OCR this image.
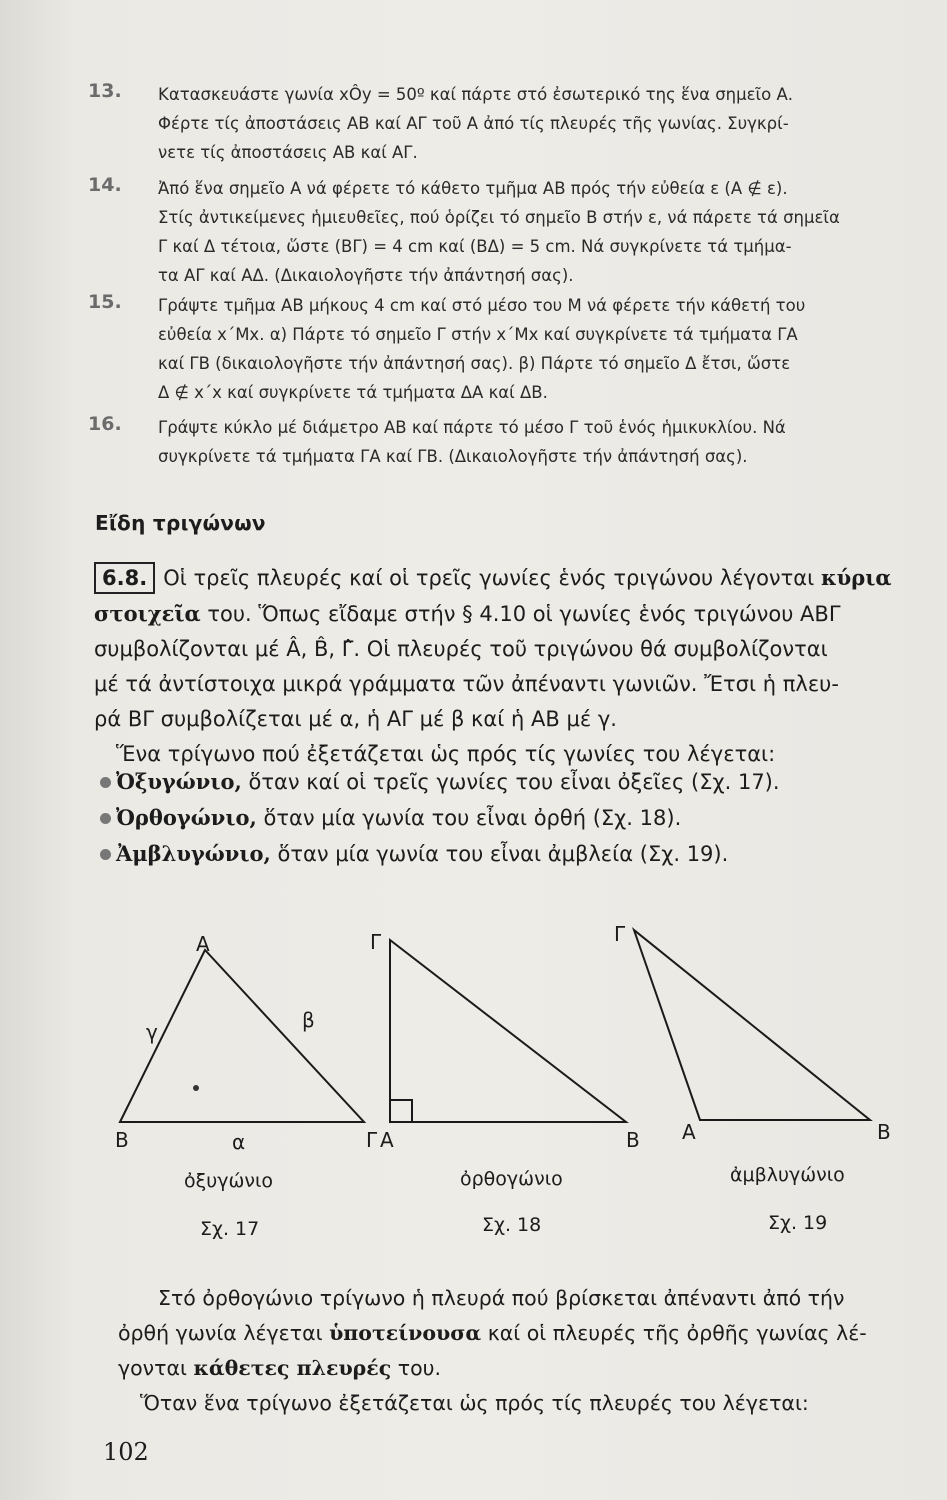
13. Κατασκευάστε γωνία xÔy = 50º καί πάρτε στό ἐσωτερικό της ἕνα σημεῖο Α.
Φέρτε τίς ἀποστάσεις ΑΒ καί ΑΓ τοῦ Α ἀπό τίς πλευρές τῆς γωνίας. Συγκρί-
νετε τίς ἀποστάσεις ΑΒ καί ΑΓ.
14. Ἀπό ἕνα σημεῖο Α νά φέρετε τό κάθετο τμῆμα ΑΒ πρός τήν εὐθεία ε (Α ∉ ε).
Στίς ἀντικείμενες ἡμιευθεῖες, πού ὁρίζει τό σημεῖο Β στήν ε, νά πάρετε τά σημεῖα
Γ καί Δ τέτοια, ὥστε (ΒΓ) = 4 cm καί (ΒΔ) = 5 cm. Νά συγκρίνετε τά τμήμα-
τα ΑΓ καί ΑΔ. (Δικαιολογῆστε τήν ἀπάντησή σας).
15. Γράψτε τμῆμα ΑΒ μήκους 4 cm καί στό μέσο του Μ νά φέρετε τήν κάθετή του
εὐθεία x΄Mx. α) Πάρτε τό σημεῖο Γ στήν x΄Mx καί συγκρίνετε τά τμήματα ΓΑ
καί ΓΒ (δικαιολογῆστε τήν ἀπάντησή σας). β) Πάρτε τό σημεῖο Δ ἔτσι, ὥστε
Δ ∉ x΄x καί συγκρίνετε τά τμήματα ΔΑ καί ΔΒ.
16. Γράψτε κύκλο μέ διάμετρο ΑΒ καί πάρτε τό μέσο Γ τοῦ ἑνός ἡμικυκλίου. Νά
συγκρίνετε τά τμήματα ΓΑ καί ΓΒ. (Δικαιολογῆστε τήν ἀπάντησή σας).
Εἴδη τριγώνων
6.8. Οἱ τρεῖς πλευρές καί οἱ τρεῖς γωνίες ἑνός τριγώνου λέγονται κύρια
στοιχεῖα του. Ὅπως εἴδαμε στήν § 4.10 οἱ γωνίες ἑνός τριγώνου ΑΒΓ
συμβολίζονται μέ Â, B̂, Γ̂. Οἱ πλευρές τοῦ τριγώνου θά συμβολίζονται
μέ τά ἀντίστοιχα μικρά γράμματα τῶν ἀπέναντι γωνιῶν. Ἔτσι ἡ πλευ-
ρά ΒΓ συμβολίζεται μέ α, ἡ ΑΓ μέ β καί ἡ ΑΒ μέ γ.
Ἕνα τρίγωνο πού ἐξετάζεται ὡς πρός τίς γωνίες του λέγεται:
Ὀξυγώνιο, ὅταν καί οἱ τρεῖς γωνίες του εἶναι ὀξεῖες (Σχ. 17).
Ὀρθογώνιο, ὅταν μία γωνία του εἶναι ὀρθή (Σχ. 18).
Ἀμβλυγώνιο, ὅταν μία γωνία του εἶναι ἀμβλεία (Σχ. 19).
Α
Β	Γ
α
β
γ
ὀξυγώνιο
Σχ. 17
Γ
Α	Β
ὀρθογώνιο
Σχ. 18
Γ
Α	Β
ἀμβλυγώνιο
Σχ. 19
Στό ὀρθογώνιο τρίγωνο ἡ πλευρά πού βρίσκεται ἀπέναντι ἀπό τήν
ὀρθή γωνία λέγεται ὑποτείνουσα καί οἱ πλευρές τῆς ὀρθῆς γωνίας λέ-
γονται κάθετες πλευρές του.
Ὅταν ἕνα τρίγωνο ἐξετάζεται ὡς πρός τίς πλευρές του λέγεται:
102
